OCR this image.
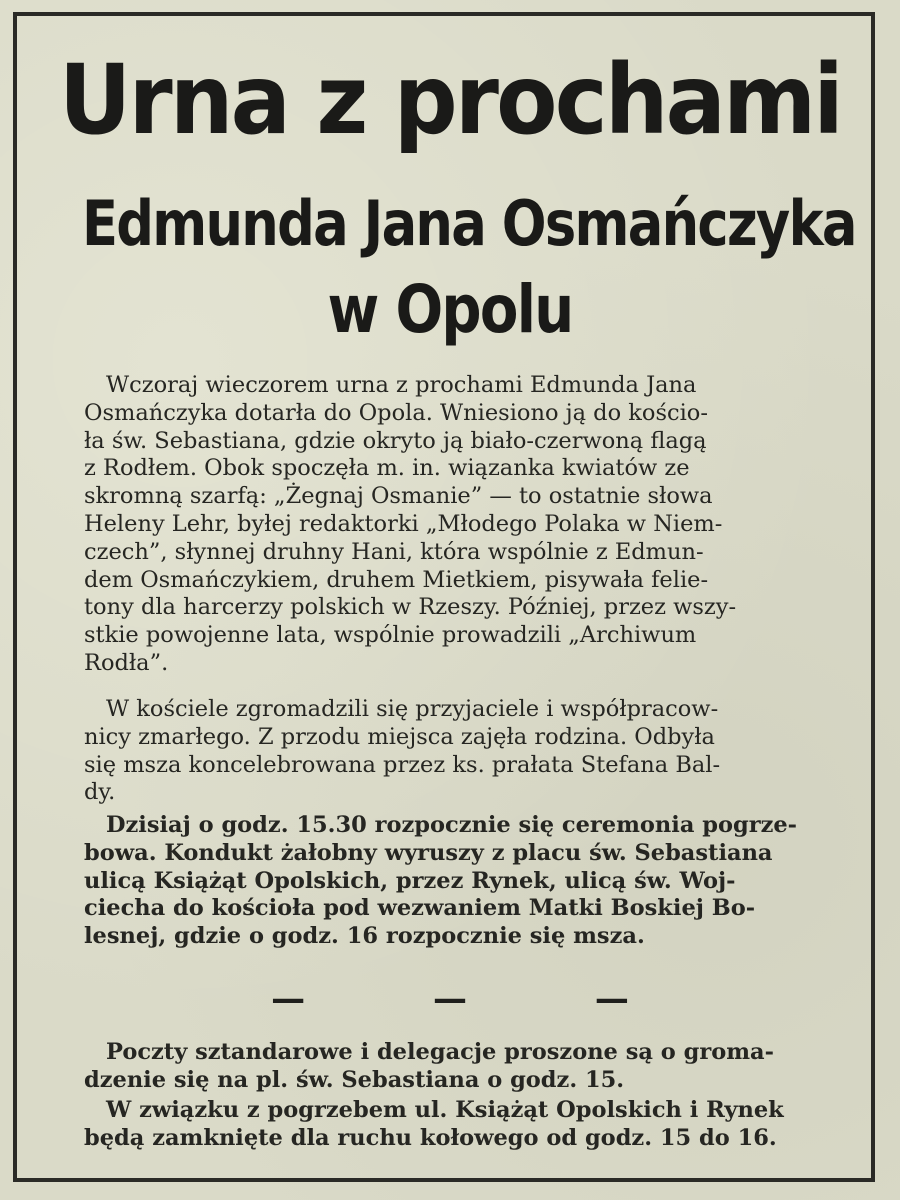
Urna z prochami
Edmunda Jana Osmańczyka
w Opolu
Wczoraj wieczorem urna z prochami Edmunda Jana
Osmańczyka dotarła do Opola. Wniesiono ją do kościo-
ła św. Sebastiana, gdzie okryto ją biało-czerwoną flagą
z Rodłem. Obok spoczęła m. in. wiązanka kwiatów ze
skromną szarfą: „Żegnaj Osmanie” — to ostatnie słowa
Heleny Lehr, byłej redaktorki „Młodego Polaka w Niem-
czech”, słynnej druhny Hani, która wspólnie z Edmun-
dem Osmańczykiem, druhem Mietkiem, pisywała felie-
tony dla harcerzy polskich w Rzeszy. Później, przez wszy-
stkie powojenne lata, wspólnie prowadzili „Archiwum
Rodła”.
W kościele zgromadzili się przyjaciele i współpracow-
nicy zmarłego. Z przodu miejsca zajęła rodzina. Odbyła
się msza koncelebrowana przez ks. prałata Stefana Bal-
dy.
Dzisiaj o godz. 15.30 rozpocznie się ceremonia pogrze-
bowa. Kondukt żałobny wyruszy z placu św. Sebastiana
ulicą Książąt Opolskich, przez Rynek, ulicą św. Woj-
ciecha do kościoła pod wezwaniem Matki Boskiej Bo-
lesnej, gdzie o godz. 16 rozpocznie się msza.
— — —
Poczty sztandarowe i delegacje proszone są o groma-
dzenie się na pl. św. Sebastiana o godz. 15.
W związku z pogrzebem ul. Książąt Opolskich i Rynek
będą zamknięte dla ruchu kołowego od godz. 15 do 16.
